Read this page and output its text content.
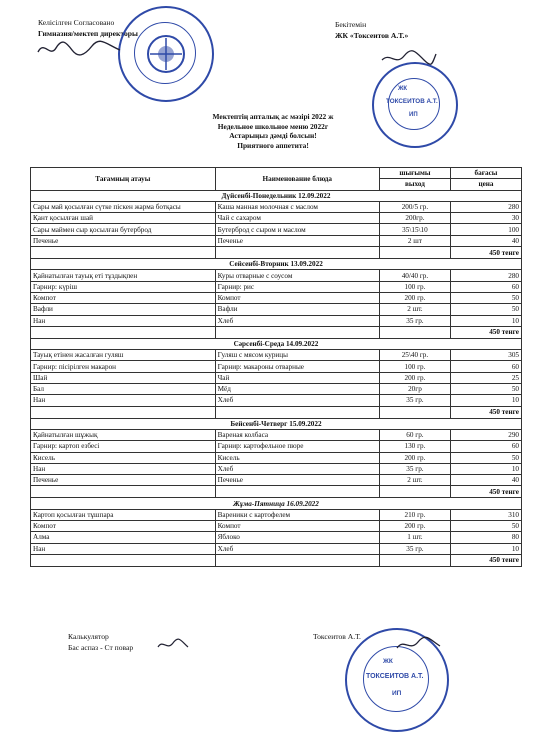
Келісілген Согласовано
Гимназия/мектеп директоры
Бекітемін
ЖК «Токсеитов А.Т.»
ЖК
ТОКСЕИТОВ А.Т.
ИП
Мектептің апталық ас мәзірі 2022 ж
Недельное школьное меню 2022г
Астарыңыз дәмді болсын!
Приятного аппетита!
Тағамның атауы	Наименование блюда	шығымы	бағасы
		выход	цена
Дүйсенбі-Понедельник 12.09.2022			
Сары май қосылған сүтке піскен жарма ботқасы	Каша манная молочная с маслом	200/5 гр.	280
Қант қосылған шай	Чай с сахаром	200гр.	30
Сары маймен сыр қосылған бутерброд	Бутерброд с сыром и маслом	35\15\10	100
Печенье	Печенье	2 шт	40
			450 тенге
Сейсенбі-Вторник 13.09.2022			
Қайнатылған тауық еті тұздықпен	Куры отварные с соусом	40/40 гр.	280
Гарнир: күріш	Гарнир: рис	100 гр.	60
Компот	Компот	200 гр.	50
Вафли	Вафли	2 шт.	50
Нан	Хлеб	35 гр.	10
			450 тенге
Сәрсенбі-Среда 14.09.2022			
Тауық етінен жасалған гуляш	Гуляш с мясом курицы	25\40 гр.	305
Гарнир: пісірілген макарон	Гарнир: макароны отварные	100 гр.	60
Шай	Чай	200 гр.	25
Бал	Мёд	20гр	50
Нан	Хлеб	35 гр.	10
			450 тенге
Бейсенбі-Четверг 15.09.2022			
Қайнатылған шұжық	Вареная колбаса	60 гр.	290
Гарнир: картоп езбесі	Гарнир: картофельное пюре	130 гр.	60
Кисель	Кисель	200 гр.	50
Нан	Хлеб	35 гр.	10
Печенье	Печенье	2 шт.	40
			450 тенге
Жұма-Пятница 16.09.2022			
Картоп қосылған тұшпара	Вареники с картофелем	210 гр.	310
Компот	Компот	200 гр.	50
Алма	Яблоко	1 шт.	80
Нан	Хлеб	35 гр.	10
			450 тенге
Калькулятор
Бас аспаз - Ст повар
Токсеитов А.Т.
ЖК
ТОКСЕИТОВ А.Т.
ИП
